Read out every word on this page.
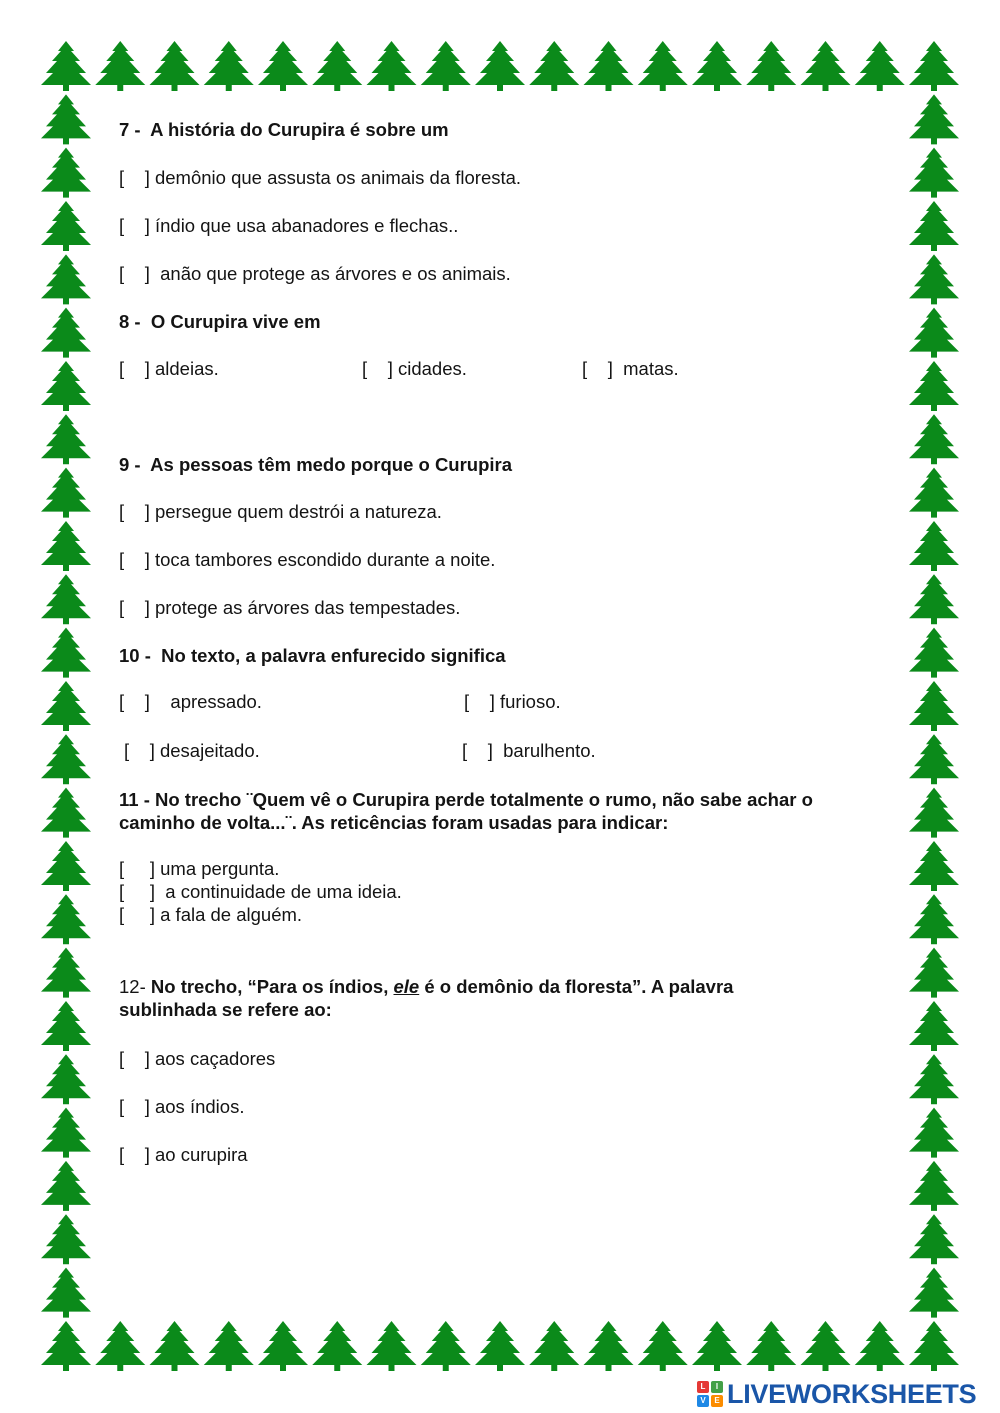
7 -  A história do Curupira é sobre um
[    ] demônio que assusta os animais da floresta.
[    ] índio que usa abanadores e flechas..
[    ]  anão que protege as árvores e os animais.
8 -  O Curupira vive em
[    ] aldeias.	[    ] cidades.	[    ]  matas.
9 -  As pessoas têm medo porque o Curupira
[    ] persegue quem destrói a natureza.
[    ] toca tambores escondido durante a noite.
[    ] protege as árvores das tempestades.
10 -  No texto, a palavra enfurecido significa
[    ]    apressado.	[    ] furioso.
[    ] desajeitado.	[    ]  barulhento.
11 - No trecho ¨Quem vê o Curupira perde totalmente o rumo, não sabe achar o
caminho de volta...¨. As reticências foram usadas para indicar:
[     ] uma pergunta.
[     ]  a continuidade de uma ideia.
[     ] a fala de alguém.
12- No trecho, “Para os índios, ele é o demônio da floresta”. A palavra
sublinhada se refere ao:
[    ] aos caçadores
[    ] aos índios.
[    ] ao curupira
L	I
V	E LIVEWORKSHEETS
